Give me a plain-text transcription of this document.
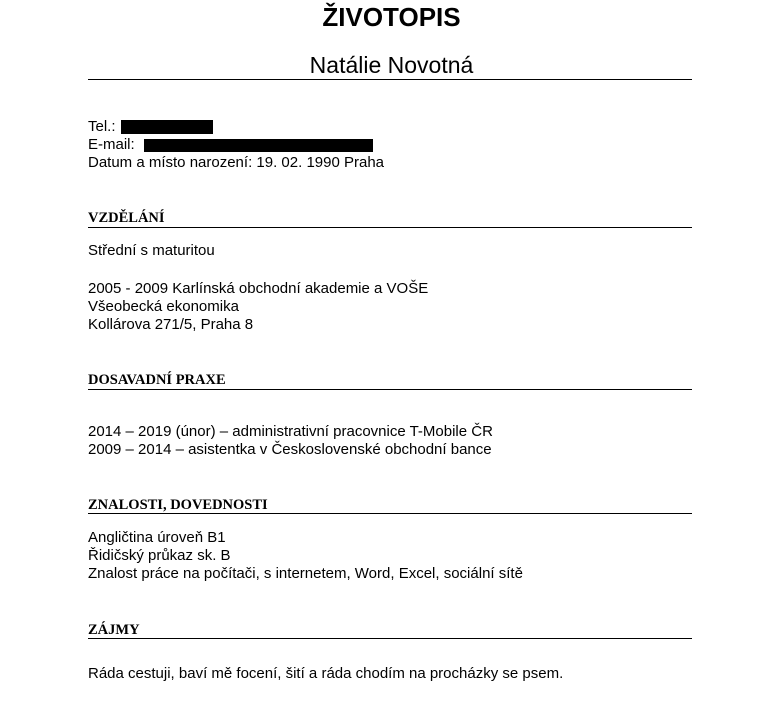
ŽIVOTOPIS
Natálie Novotná
Tel.:
E-mail:
Datum a místo narození: 19. 02. 1990 Praha
VZDĚLÁNÍ
Střední s maturitou
2005 - 2009 Karlínská obchodní akademie a VOŠE
Všeobecká ekonomika
Kollárova 271/5, Praha 8
DOSAVADNÍ PRAXE
2014 – 2019 (únor) – administrativní pracovnice T-Mobile ČR
2009 – 2014 – asistentka v Československé obchodní bance
ZNALOSTI, DOVEDNOSTI
Angličtina úroveň B1
Řidičský průkaz sk. B
Znalost práce na počítači, s internetem, Word, Excel, sociální sítě
ZÁJMY
Ráda cestuji, baví mě focení, šití a ráda chodím na procházky se psem.
